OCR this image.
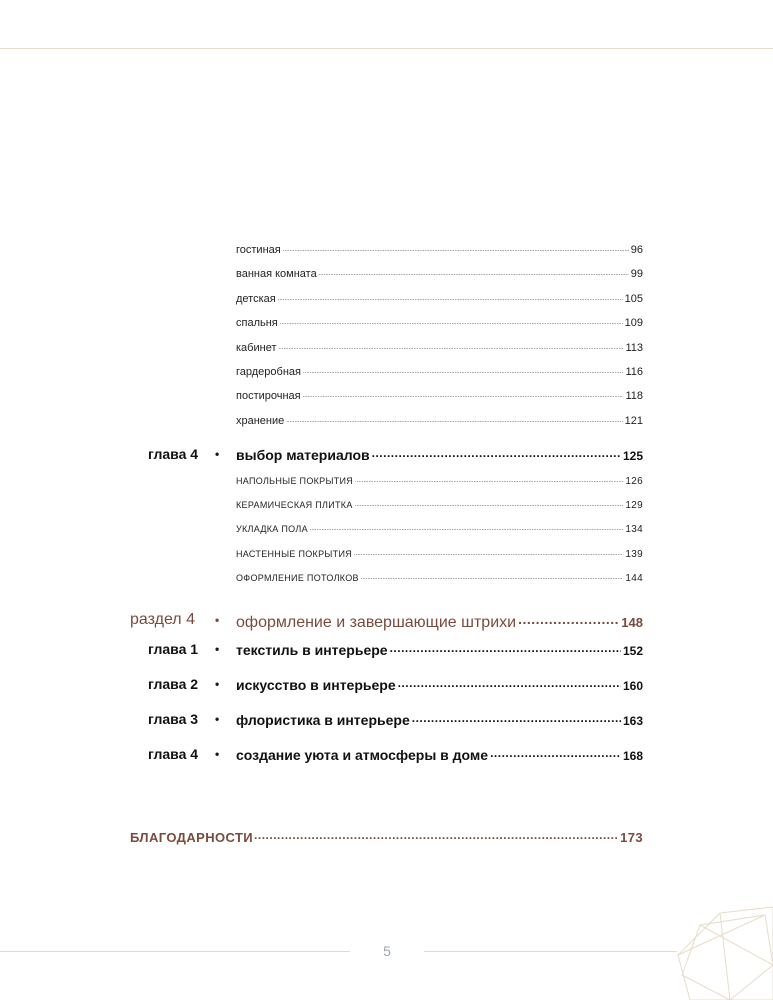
гостиная .....	96
ванная комната .....	99
детская .....	105
спальня .....	109
кабинет .....	113
гардеробная .....	116
постирочная .....	118
хранение .....	121
глава 4 • выбор материалов .....	125
НАПОЛЬНЫЕ ПОКРЫТИЯ .....	126
КЕРАМИЧЕСКАЯ ПЛИТКА .....	129
УКЛАДКА ПОЛА .....	134
НАСТЕННЫЕ ПОКРЫТИЯ .....	139
ОФОРМЛЕНИЕ ПОТОЛКОВ .....	144
раздел 4 • оформление и завершающие штрихи .....	148
глава 1 • текстиль в интерьере .....	152
глава 2 • искусство в интерьере .....	160
глава 3 • флористика в интерьере .....	163
глава 4 • создание уюта и атмосферы в доме .....	168
БЛАГОДАРНОСТИ .....	173
5
